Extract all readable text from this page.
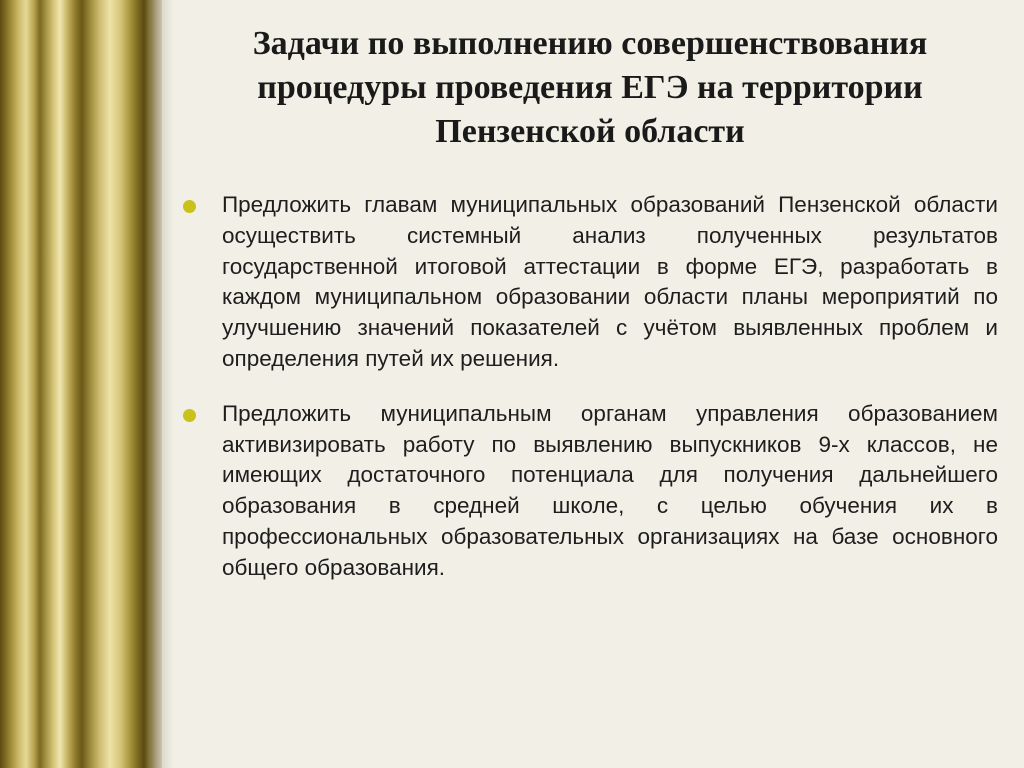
Задачи по выполнению совершенствования процедуры проведения ЕГЭ на территории Пензенской области
Предложить главам муниципальных образований Пензенской области осуществить системный анализ полученных результатов государственной итоговой аттестации в форме ЕГЭ, разработать в каждом муниципальном образовании области планы мероприятий по улучшению значений показателей с учётом выявленных проблем и определения путей их решения.
Предложить муниципальным органам управления образованием активизировать работу по выявлению выпускников 9-х классов, не имеющих достаточного потенциала для получения дальнейшего образования в средней школе, с целью обучения их в профессиональных образовательных организациях на базе основного общего образования.
